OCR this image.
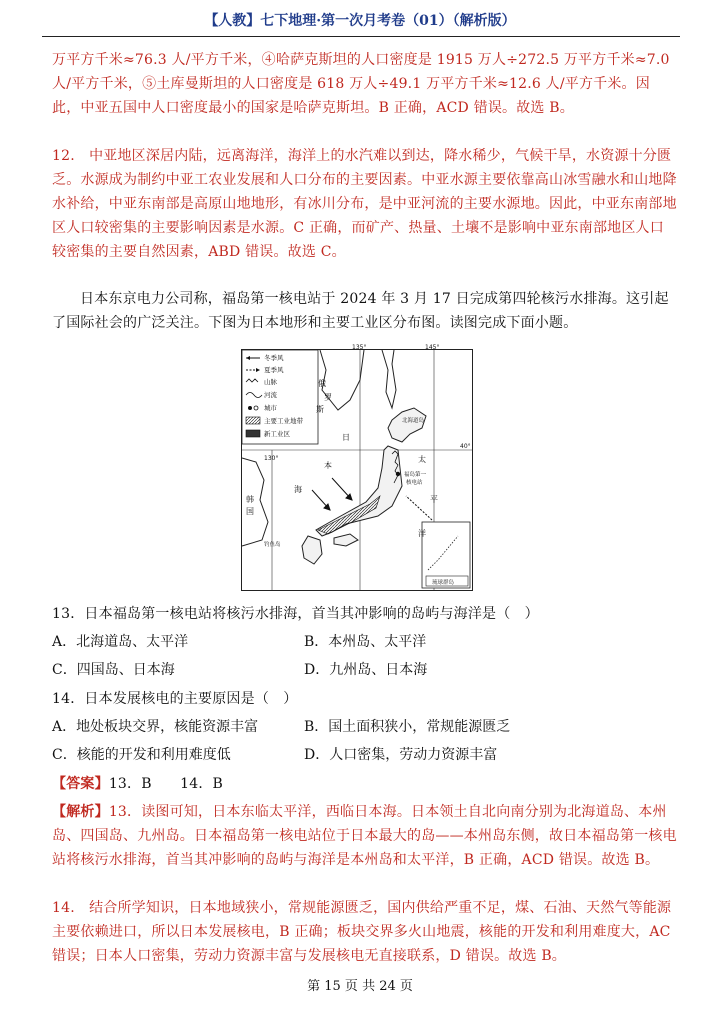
【人教】七下地理·第一次月考卷（01）（解析版）
万平方千米≈76.3 人/平方千米，④哈萨克斯坦的人口密度是 1915 万人÷272.5 万平方千米≈7.0 人/平方千米，⑤土库曼斯坦的人口密度是 618 万人÷49.1 万平方千米≈12.6 人/平方千米。因此，中亚五国中人口密度最小的国家是哈萨克斯坦。B 正确，ACD 错误。故选 B。
12.　中亚地区深居内陆，远离海洋，海洋上的水汽难以到达，降水稀少，气候干旱，水资源十分匮乏。水源成为制约中亚工农业发展和人口分布的主要因素。中亚水源主要依靠高山冰雪融水和山地降水补给，中亚东南部是高原山地地形，有冰川分布，是中亚河流的主要水源地。因此，中亚东南部地区人口较密集的主要影响因素是水源。C 正确，而矿产、热量、土壤不是影响中亚东南部地区人口较密集的主要自然因素，ABD 错误。故选 C。
日本东京电力公司称，福岛第一核电站于 2024 年 3 月 17 日完成第四轮核污水排海。这引起了国际社会的广泛关注。下图为日本地形和主要工业区分布图。读图完成下面小题。
冬季风
夏季风
山脉
河流
城市
主要工业地带
新工业区
135°	145°
130°
40°
俄
罗
斯
日
本
海
韩
国
太
平
洋
北海道岛
福岛第一
核电站
钓鱼岛
琉球群岛
13．日本福岛第一核电站将核污水排海，首当其冲影响的岛屿与海洋是（　）
A．北海道岛、太平洋	B．本州岛、太平洋
C．四国岛、日本海	D．九州岛、日本海
14．日本发展核电的主要原因是（　）
A．地处板块交界，核能资源丰富	B．国土面积狭小，常规能源匮乏
C．核能的开发和利用难度低	D．人口密集，劳动力资源丰富
【答案】13．B　　14．B
【解析】13．读图可知，日本东临太平洋，西临日本海。日本领土自北向南分别为北海道岛、本州岛、四国岛、九州岛。日本福岛第一核电站位于日本最大的岛——本州岛东侧，故日本福岛第一核电站将核污水排海，首当其冲影响的岛屿与海洋是本州岛和太平洋，B 正确，ACD 错误。故选 B。
14.　结合所学知识，日本地域狭小，常规能源匮乏，国内供给严重不足，煤、石油、天然气等能源主要依赖进口，所以日本发展核电，B 正确；板块交界多火山地震，核能的开发和利用难度大，AC 错误；日本人口密集，劳动力资源丰富与发展核电无直接联系，D 错误。故选 B。
第 15 页 共 24 页
